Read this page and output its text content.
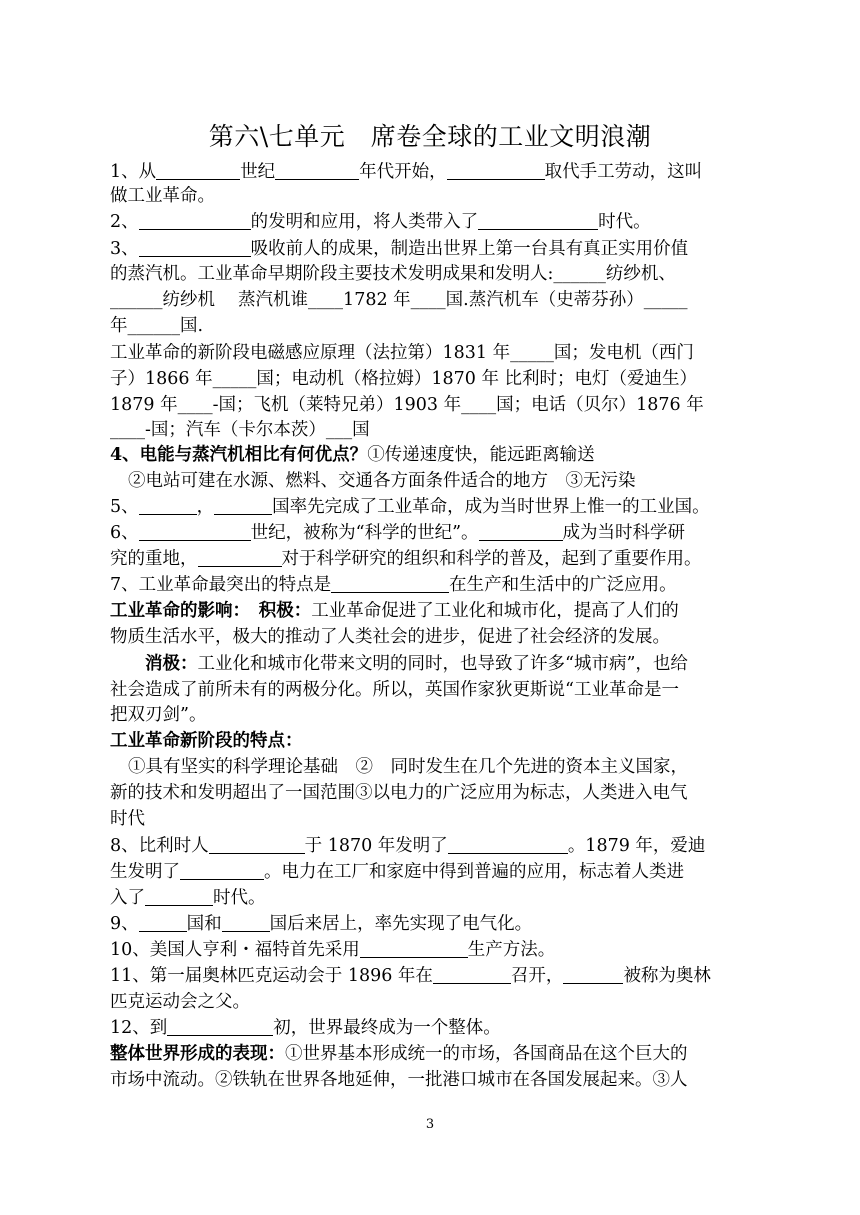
第六\七单元　席卷全球的工业文明浪潮
1、从	世纪	年代开始，	取代手工劳动，这叫
做工业革命。
2、	的发明和应用，将人类带入了	时代。
3、	吸收前人的成果，制造出世界上第一台具有真正实用价值
的蒸汽机。工业革命早期阶段主要技术发明成果和发明人:______纺纱机、
______纺纱机　 蒸汽机谁____1782 年____国.蒸汽机车（史蒂芬孙）_____
年______国.
工业革命的新阶段电磁感应原理（法拉第）1831 年_____国；发电机（西门
子）1866 年_____国；电动机（格拉姆）1870 年 比利时；电灯（爱迪生）
1879 年____-国；飞机（莱特兄弟）1903 年____国；电话（贝尔）1876 年
____-国；汽车（卡尔本茨）___国
4、电能与蒸汽机相比有何优点？①传递速度快，能远距离输送
②电站可建在水源、燃料、交通各方面条件适合的地方　③无污染
5、	，	国率先完成了工业革命，成为当时世界上惟一的工业国。
6、	世纪，被称为“科学的世纪”。	成为当时科学研
究的重地，	对于科学研究的组织和科学的普及，起到了重要作用。
7、工业革命最突出的特点是	在生产和生活中的广泛应用。
工业革命的影响：　积极：工业革命促进了工业化和城市化，提高了人们的
物质生活水平，极大的推动了人类社会的进步，促进了社会经济的发展。
消极：工业化和城市化带来文明的同时，也导致了许多“城市病”，也给
社会造成了前所未有的两极分化。所以，英国作家狄更斯说“工业革命是一
把双刃剑”。
工业革命新阶段的特点：
①具有坚实的科学理论基础　②　同时发生在几个先进的资本主义国家，
新的技术和发明超出了一国范围③以电力的广泛应用为标志，人类进入电气
时代
8、比利时人	于 1870 年发明了	。1879 年，爱迪
生发明了	。电力在工厂和家庭中得到普遍的应用，标志着人类进
入了	时代。
9、	国和	国后来居上，率先实现了电气化。
10、美国人亨利・福特首先采用	生产方法。
11、第一届奥林匹克运动会于 1896 年在	召开，	被称为奥林
匹克运动会之父。
12、到	初，世界最终成为一个整体。
整体世界形成的表现：①世界基本形成统一的市场，各国商品在这个巨大的
市场中流动。②铁轨在世界各地延伸，一批港口城市在各国发展起来。③人
3
